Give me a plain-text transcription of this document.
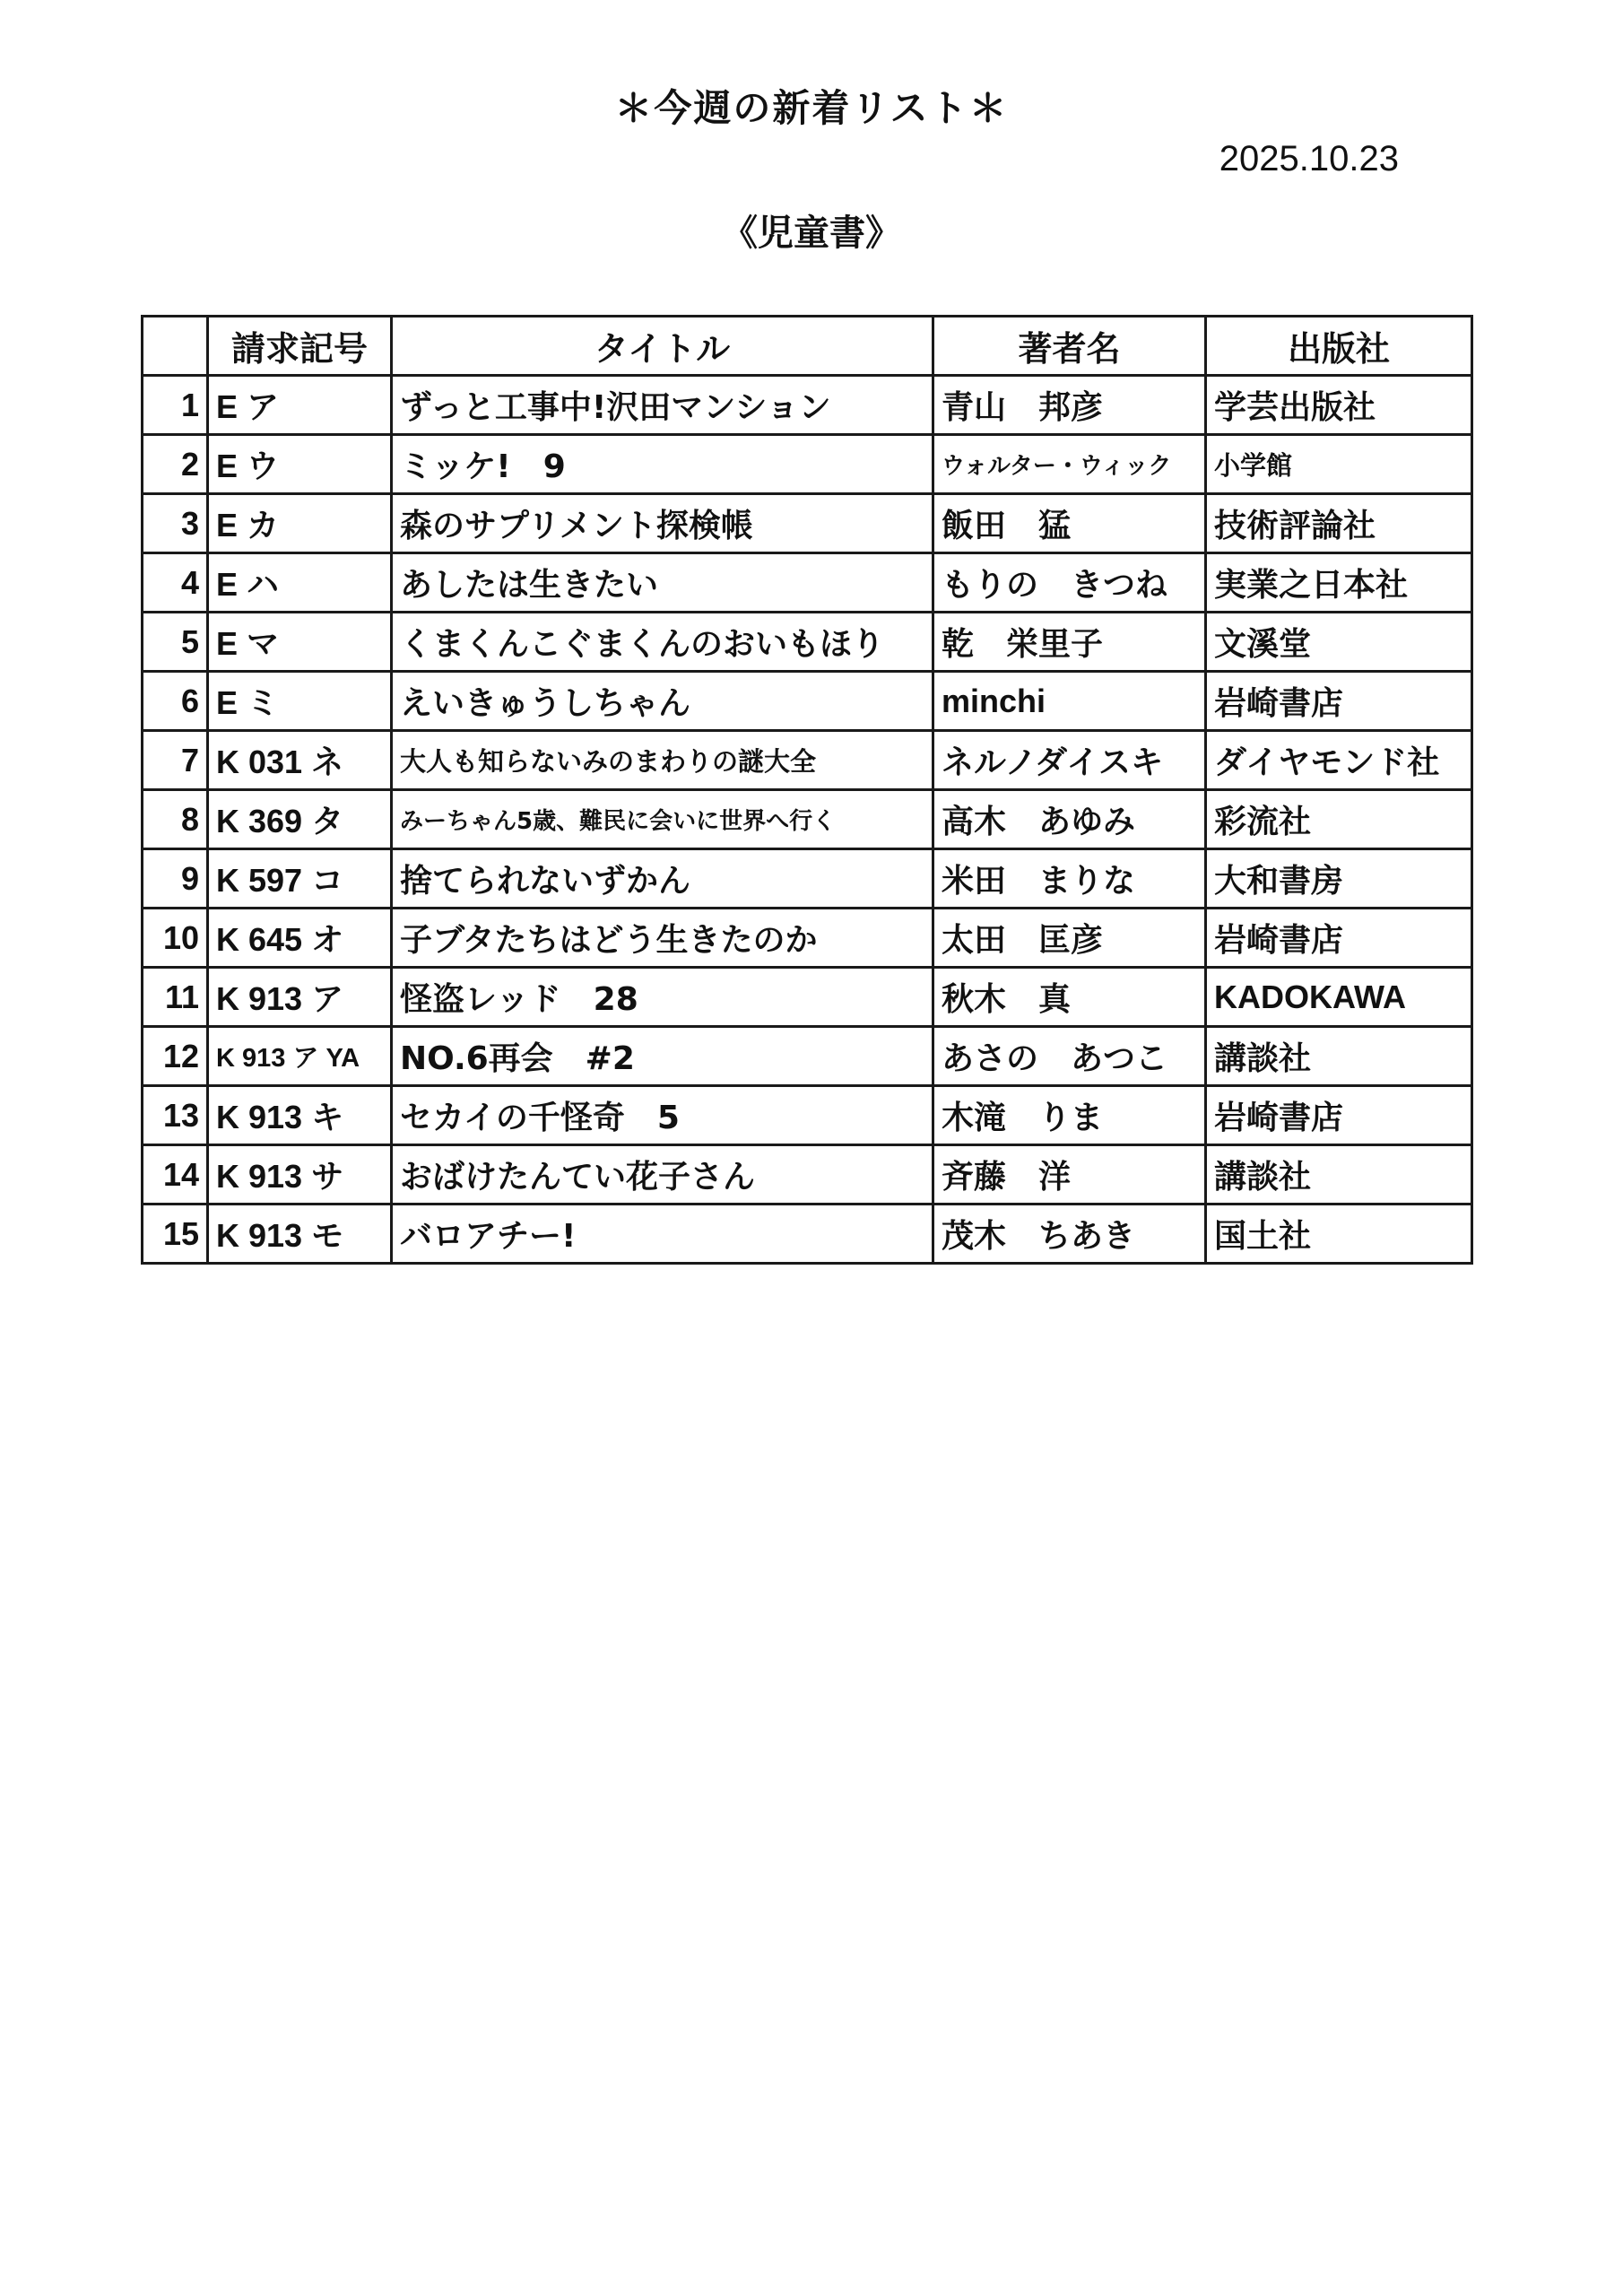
＊今週の新着リスト＊
2025.10.23
《児童書》
	請求記号	タイトル	著者名	出版社
1	E ア	ずっと工事中!沢田マンション	青山　邦彦	学芸出版社
2	E ウ	ミッケ!　9	ウォルター・ウィック	小学館
3	E カ	森のサプリメント探検帳	飯田　猛	技術評論社
4	E ハ	あしたは生きたい	もりの　きつね	実業之日本社
5	E マ	くまくんこぐまくんのおいもほり	乾　栄里子	文溪堂
6	E ミ	えいきゅうしちゃん	minchi	岩崎書店
7	K 031 ネ	大人も知らないみのまわりの謎大全	ネルノダイスキ	ダイヤモンド社
8	K 369 タ	みーちゃん5歳、難民に会いに世界へ行く	高木　あゆみ	彩流社
9	K 597 コ	捨てられないずかん	米田　まりな	大和書房
10	K 645 オ	子ブタたちはどう生きたのか	太田　匡彦	岩崎書店
11	K 913 ア	怪盗レッド　28	秋木　真	KADOKAWA
12	K 913 ア YA	NO.6再会　#2	あさの　あつこ	講談社
13	K 913 キ	セカイの千怪奇　5	木滝　りま	岩崎書店
14	K 913 サ	おばけたんてい花子さん	斉藤　洋	講談社
15	K 913 モ	バロアチー!	茂木　ちあき	国土社
